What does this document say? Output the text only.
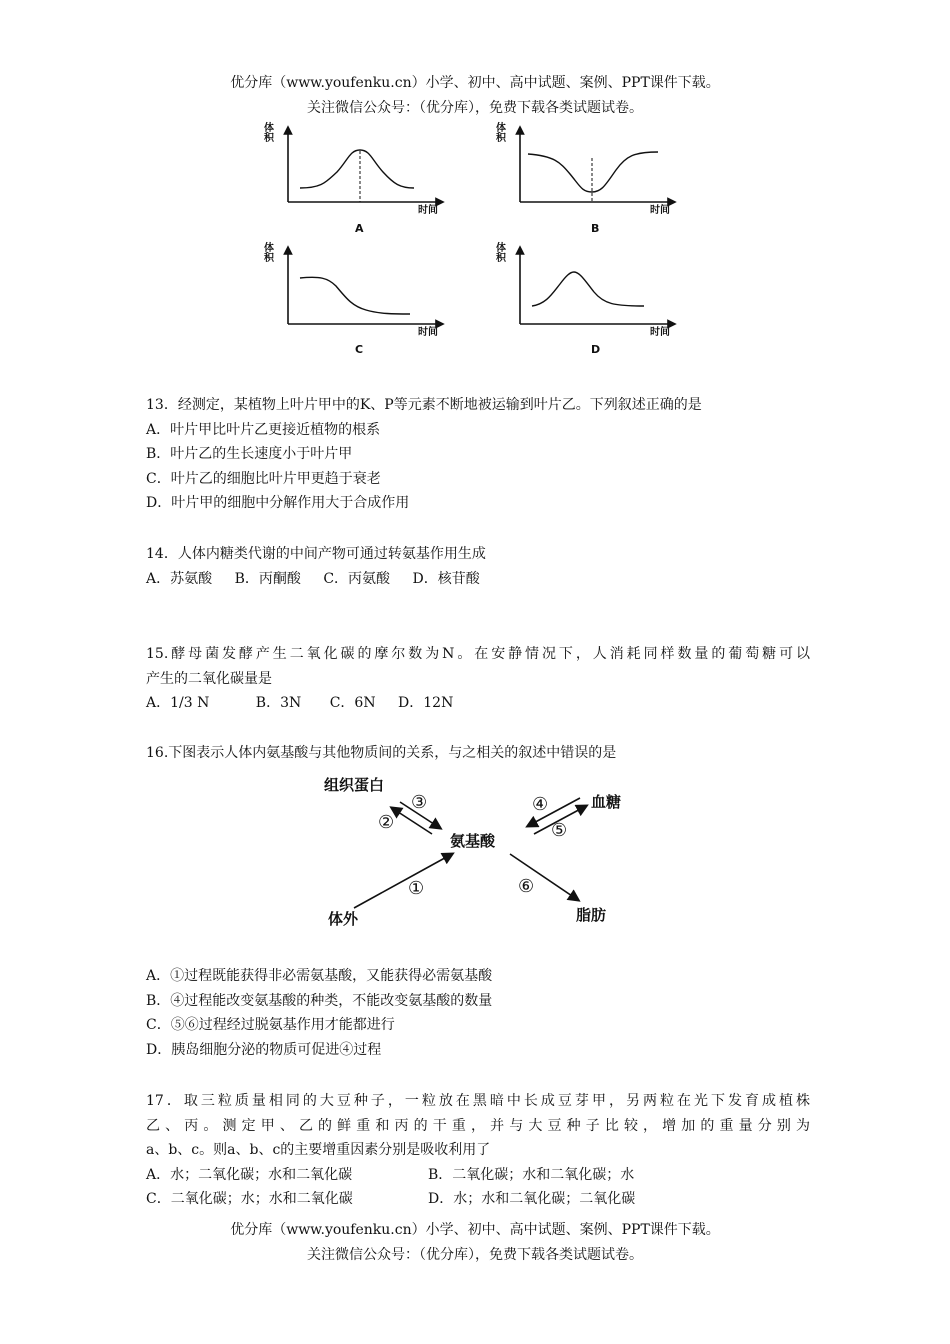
优分库（www.youfenku.cn）小学、初中、高中试题、案例、PPT课件下载。
关注微信公众号：（优分库），免费下载各类试题试卷。
体
积
时间
A
体
积
时间
B
体
积
时间
C
体
积
时间
D

13．经测定，某植物上叶片甲中的K、P等元素不断地被运输到叶片乙。下列叙述正确的是

A．叶片甲比叶片乙更接近植物的根系

B．叶片乙的生长速度小于叶片甲

C．叶片乙的细胞比叶片甲更趋于衰老

D．叶片甲的细胞中分解作用大于合成作用

14．人体内糖类代谢的中间产物可通过转氨基作用生成

A．苏氨酸 B．丙酮酸 C．丙氨酸 D．核苷酸

15.酵母菌发酵产生二氧化碳的摩尔数为N。在安静情况下，人消耗同样数量的葡萄糖可以

产生的二氧化碳量是

A．1/3 N	B．3N C．6N D．12N

16.下图表示人体内氨基酸与其他物质间的关系，与之相关的叙述中错误的是

组织蛋白
血糖
氨基酸
体外	脂肪
③
②
④
⑤
①	⑥

A．①过程既能获得非必需氨基酸，又能获得必需氨基酸

B．④过程能改变氨基酸的种类，不能改变氨基酸的数量

C．⑤⑥过程经过脱氨基作用才能都进行

D．胰岛细胞分泌的物质可促进④过程

17．取三粒质量相同的大豆种子，一粒放在黑暗中长成豆芽甲，另两粒在光下发育成植株

乙、丙。测定甲、乙的鲜重和丙的干重，并与大豆种子比较，增加的重量分别为

a、b、c。则a、b、c的主要增重因素分别是吸收利用了

A．水；二氧化碳；水和二氧化碳	B．二氧化碳；水和二氧化碳；水

C．二氧化碳；水；水和二氧化碳	D．水；水和二氧化碳；二氧化碳

优分库（www.youfenku.cn）小学、初中、高中试题、案例、PPT课件下载。
关注微信公众号：（优分库），免费下载各类试题试卷。
